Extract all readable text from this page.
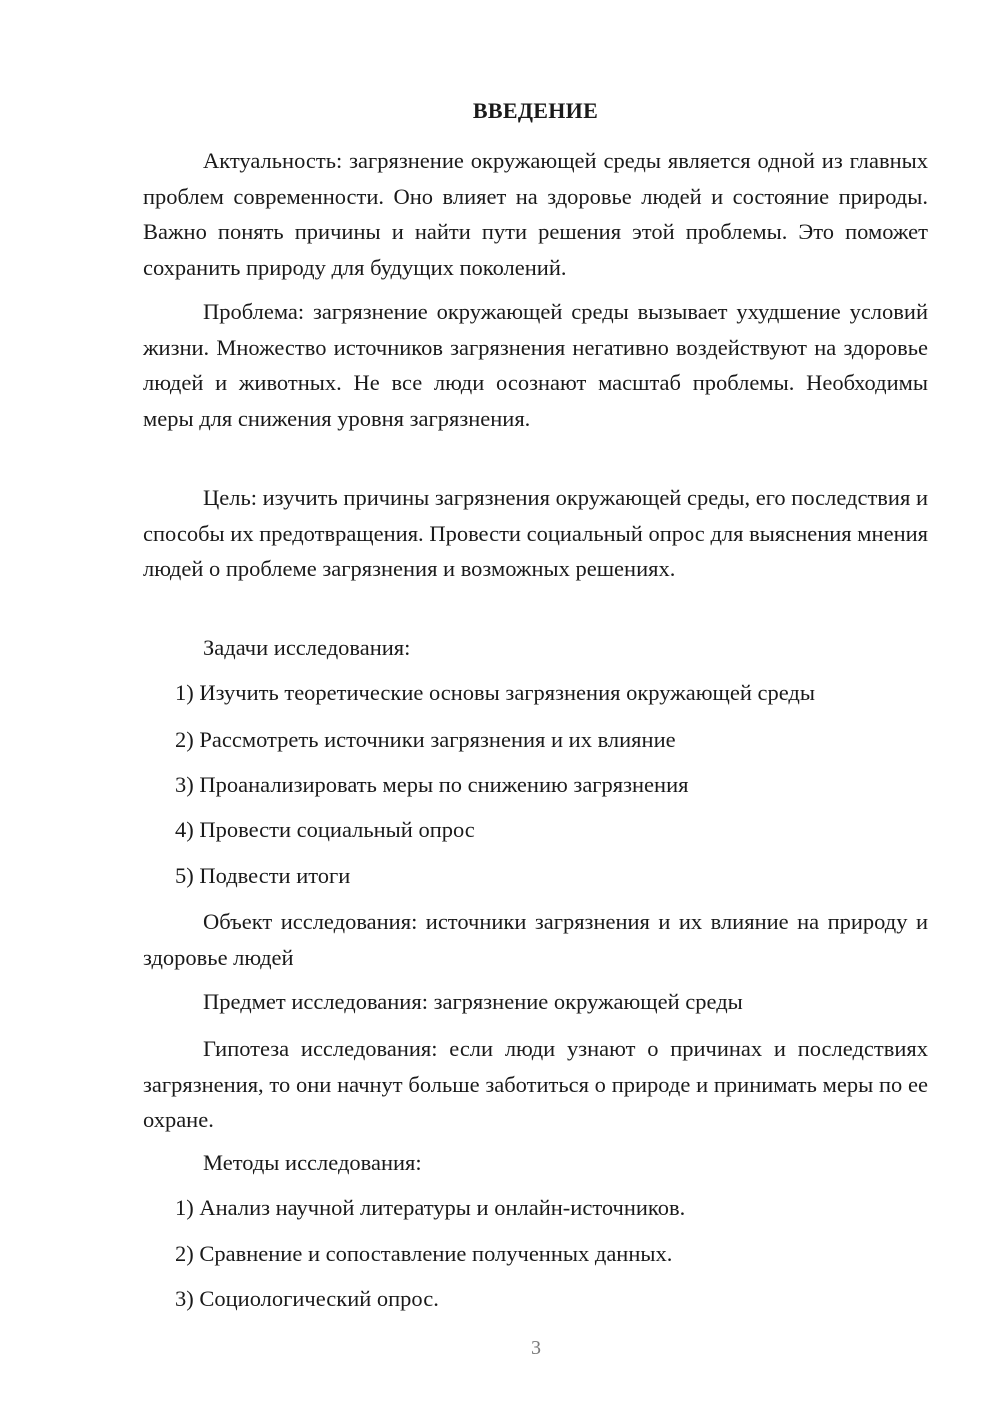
ВВЕДЕНИЕ

Актуальность: загрязнение окружающей среды является одной из главных проблем современности. Оно влияет на здоровье людей и состояние природы. Важно понять причины и найти пути решения этой проблемы. Это поможет сохранить природу для будущих поколений.

Проблема: загрязнение окружающей среды вызывает ухудшение условий жизни. Множество источников загрязнения негативно воздействуют на здоровье людей и животных. Не все люди осознают масштаб проблемы. Необходимы меры для снижения уровня загрязнения.

Цель: изучить причины загрязнения окружающей среды, его последствия и способы их предотвращения. Провести социальный опрос для выяснения мнения людей о проблеме загрязнения и возможных решениях.

Задачи исследования:

1) Изучить теоретические основы загрязнения окружающей среды

2) Рассмотреть источники загрязнения и их влияние

3) Проанализировать меры по снижению загрязнения

4) Провести социальный опрос

5) Подвести итоги

Объект исследования: источники загрязнения и их влияние на природу и здоровье людей

Предмет исследования: загрязнение окружающей среды

Гипотеза исследования: если люди узнают о причинах и последствиях загрязнения, то они начнут больше заботиться о природе и принимать меры по ее охране.

Методы исследования:

1) Анализ научной литературы и онлайн-источников.

2) Сравнение и сопоставление полученных данных.

3) Социологический опрос.

3
